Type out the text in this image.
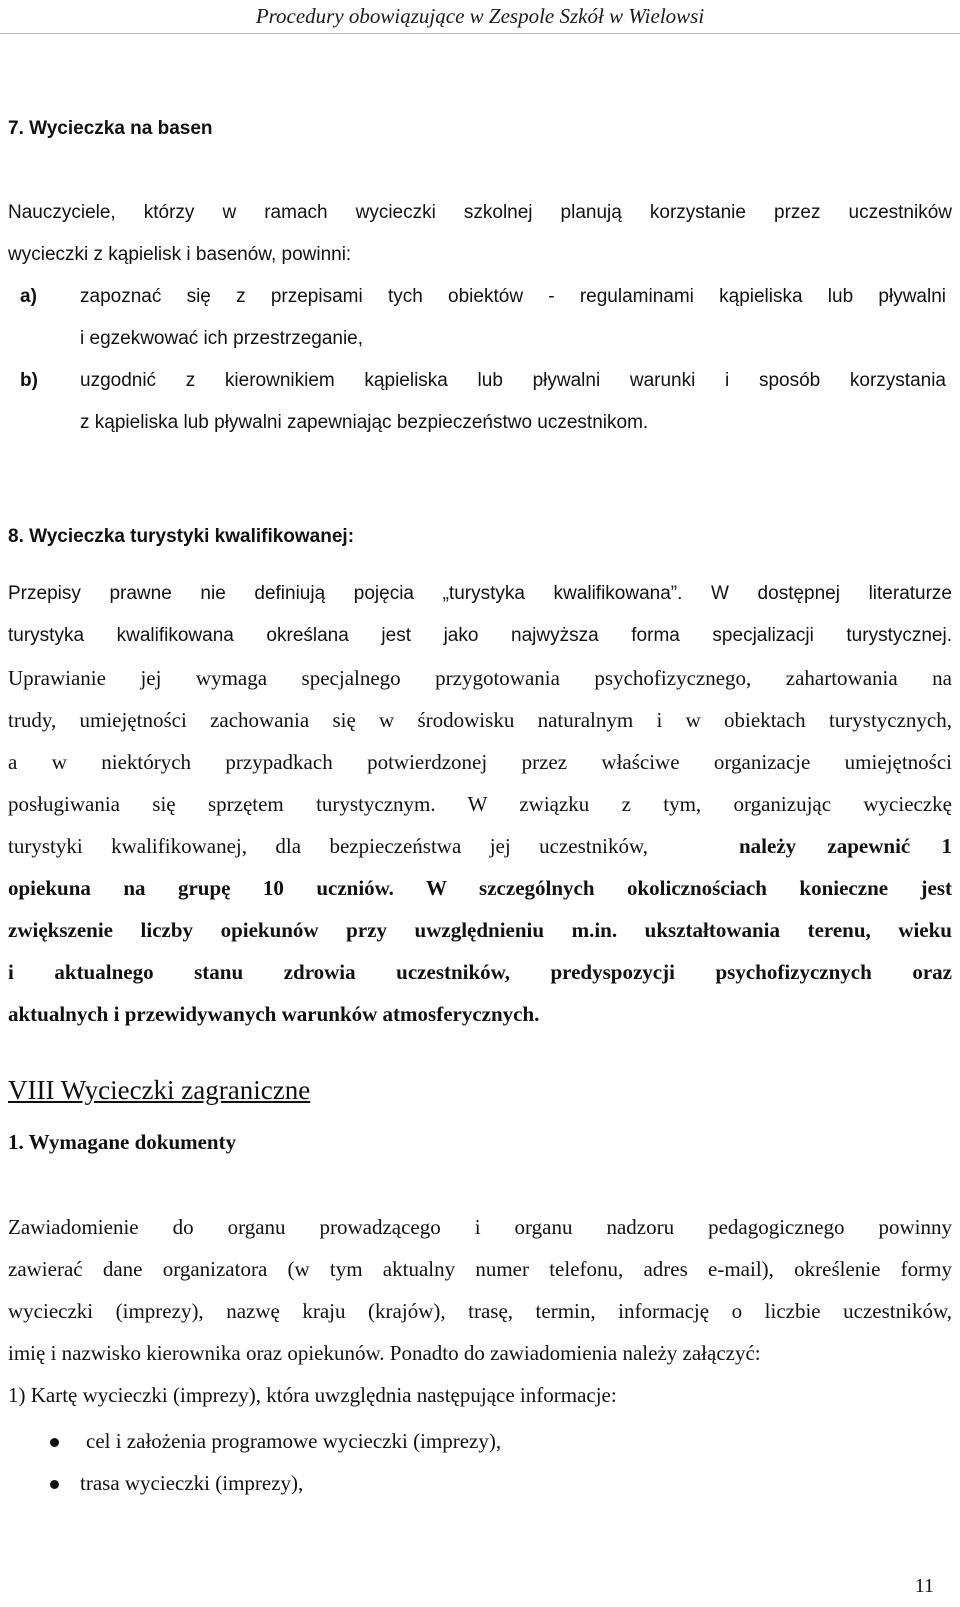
Procedury obowiązujące w Zespole Szkół w Wielowsi
7. Wycieczka na basen
Nauczyciele, którzy w ramach wycieczki szkolnej planują korzystanie przez uczestników
wycieczki z kąpielisk i basenów, powinni:
a) zapoznać się z przepisami tych obiektów - regulaminami kąpieliska lub pływalni
i egzekwować ich przestrzeganie,
b) uzgodnić z kierownikiem kąpieliska lub pływalni warunki i sposób korzystania
z kąpieliska lub pływalni zapewniając bezpieczeństwo uczestnikom.
8. Wycieczka turystyki kwalifikowanej:
Przepisy prawne nie definiują pojęcia „turystyka kwalifikowana”. W dostępnej literaturze
turystyka kwalifikowana określana jest jako najwyższa forma specjalizacji turystycznej.
Uprawianie jej wymaga specjalnego przygotowania psychofizycznego, zahartowania na
trudy, umiejętności zachowania się w środowisku naturalnym i w obiektach turystycznych,
a w niektórych przypadkach potwierdzonej przez właściwe organizacje umiejętności
posługiwania się sprzętem turystycznym. W związku z tym, organizując wycieczkę
turystyki kwalifikowanej, dla bezpieczeństwa jej uczestników,	należy zapewnić 1
opiekuna na grupę 10 uczniów. W szczególnych okolicznościach konieczne jest
zwiększenie liczby opiekunów przy uwzględnieniu m.in. ukształtowania terenu, wieku
i aktualnego stanu zdrowia uczestników, predyspozycji psychofizycznych oraz
aktualnych i przewidywanych warunków atmosferycznych.
VIII Wycieczki zagraniczne
1. Wymagane dokumenty
Zawiadomienie do organu prowadzącego i organu nadzoru pedagogicznego powinny
zawierać dane organizatora (w tym aktualny numer telefonu, adres e-mail), określenie formy
wycieczki (imprezy), nazwę kraju (krajów), trasę, termin, informację o liczbie uczestników,
imię i nazwisko kierownika oraz opiekunów. Ponadto do zawiadomienia należy załączyć:
1) Kartę wycieczki (imprezy), która uwzględnia następujące informacje:
cel i założenia programowe wycieczki (imprezy),
trasa wycieczki (imprezy),
11
